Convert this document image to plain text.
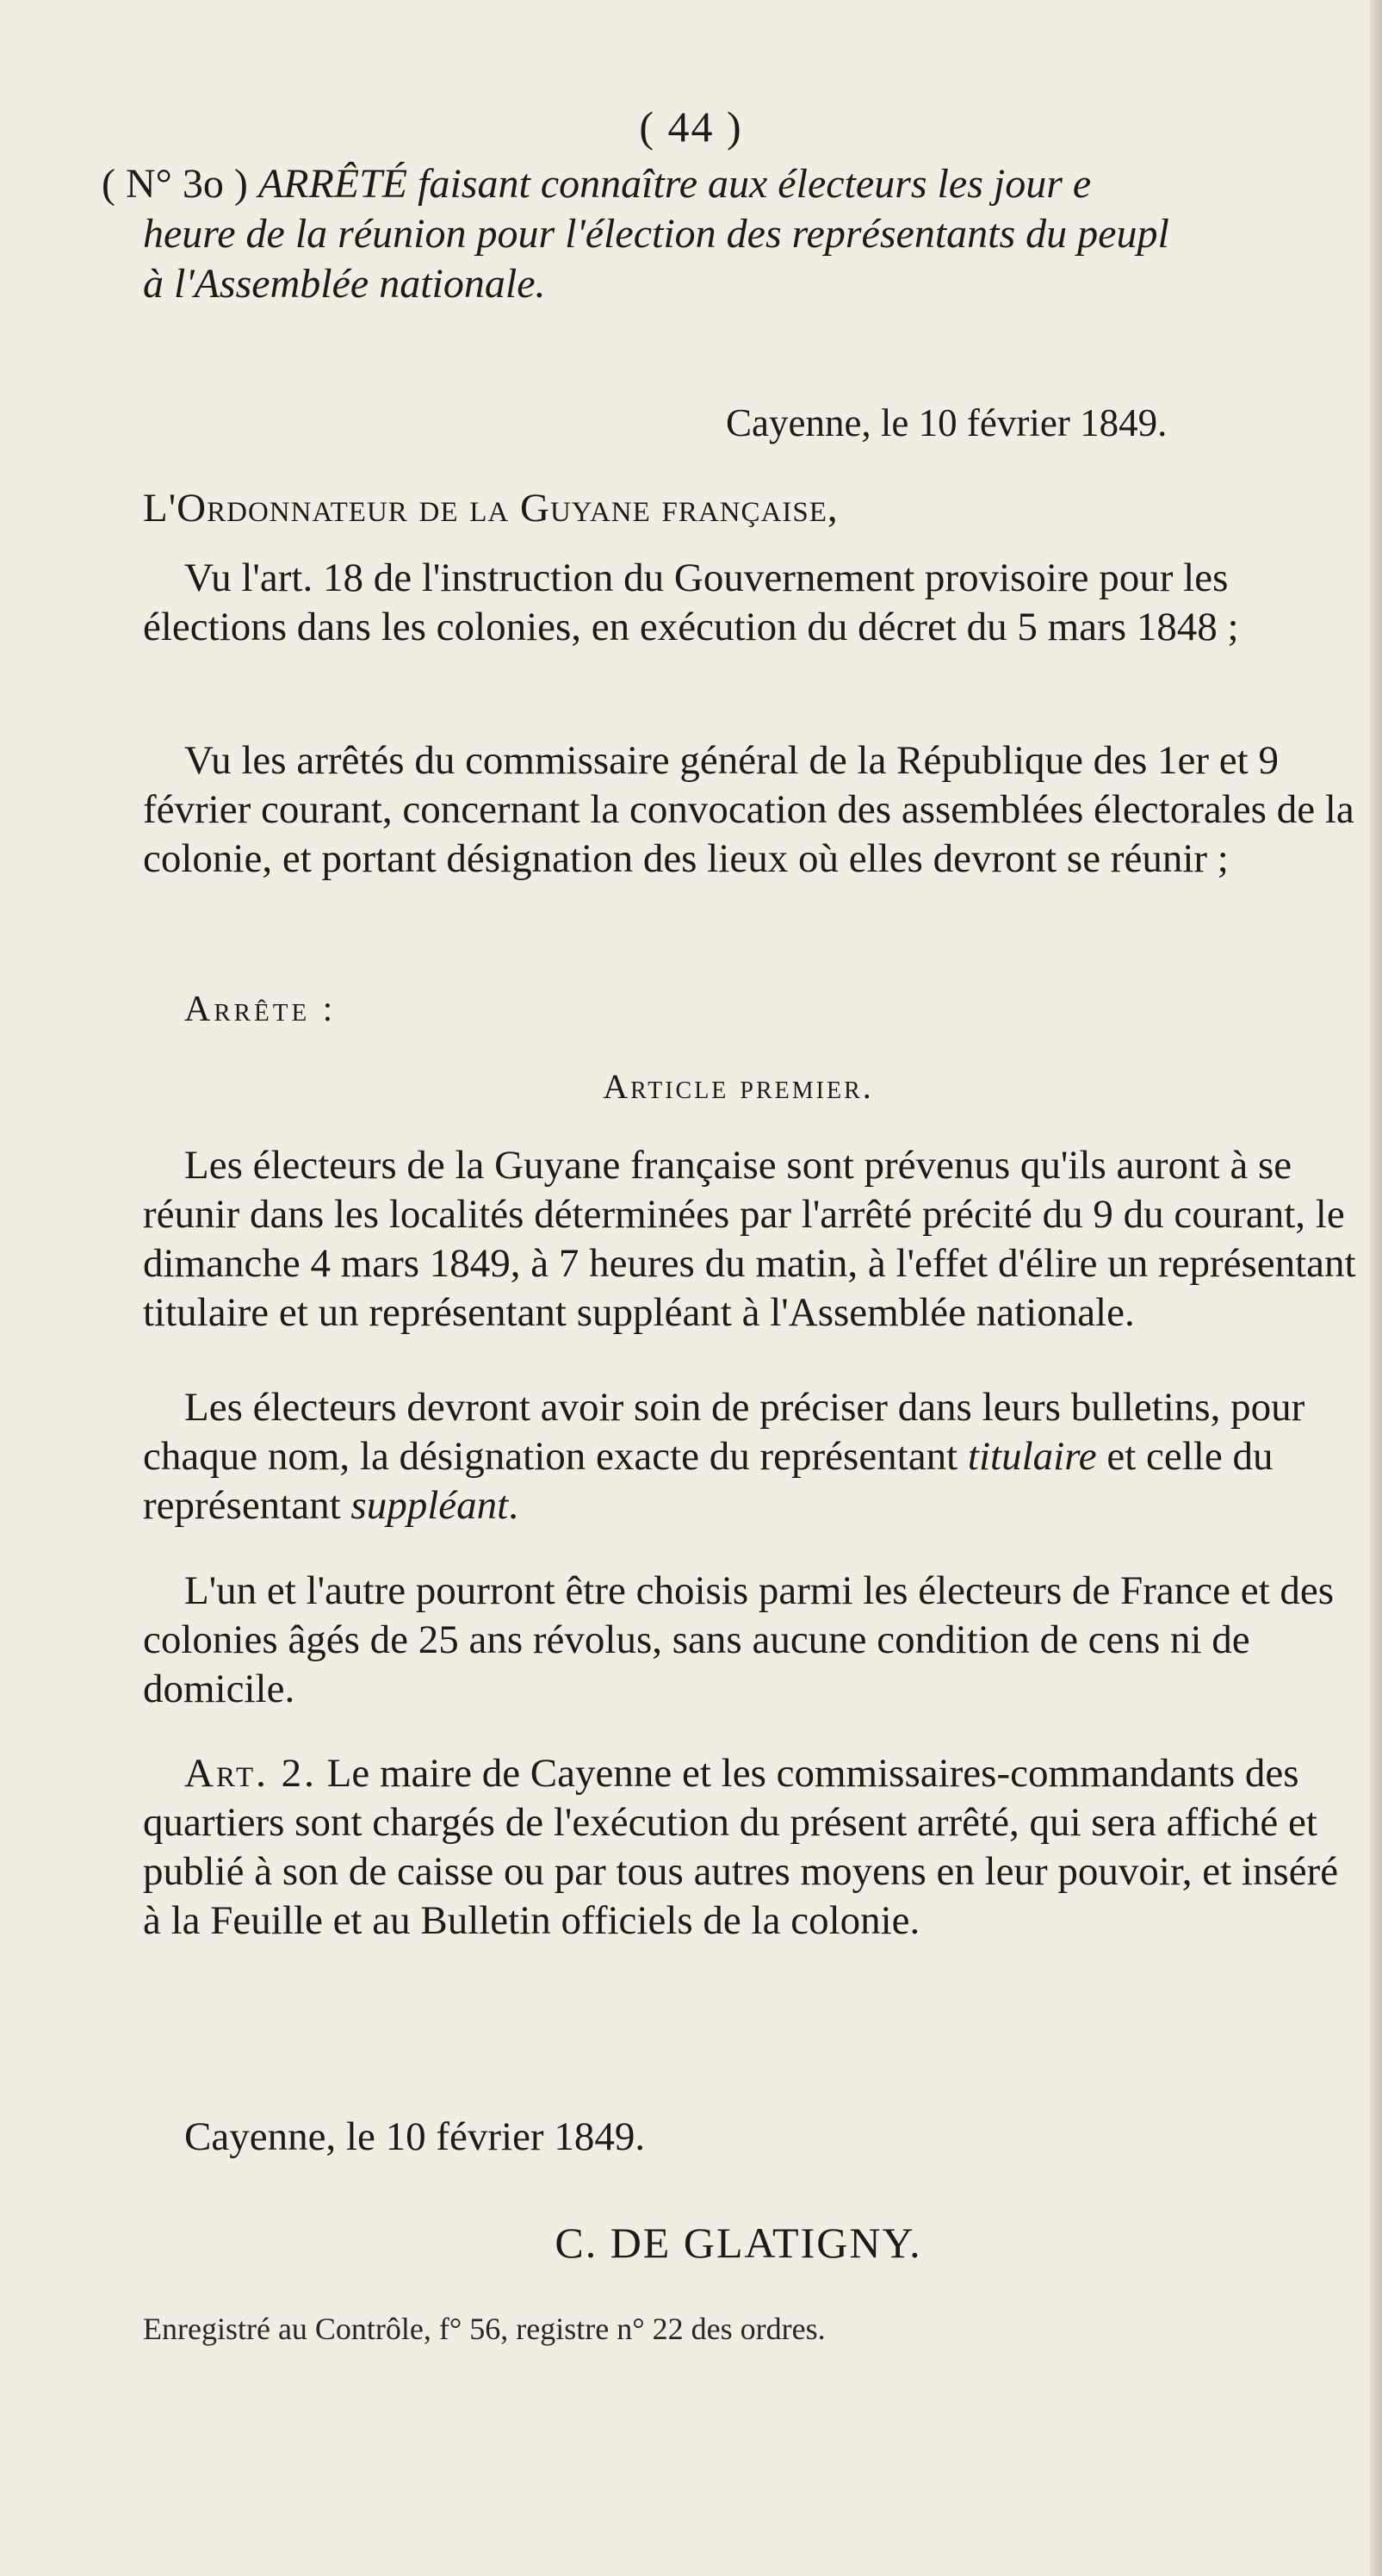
( 44 )
( N° 3o ) ARRÊTÉ faisant connaître aux électeurs les jour e
heure de la réunion pour l'élection des représentants du peupl
à l'Assemblée nationale.
Cayenne, le 10 février 1849.
L'Ordonnateur de la Guyane française,

Vu l'art. 18 de l'instruction du Gouvernement provisoire pour les élections dans les colonies, en exécution du décret du 5 mars 1848 ;

Vu les arrêtés du commissaire général de la République des 1er et 9 février courant, concernant la convocation des assemblées électorales de la colonie, et portant désignation des lieux où elles devront se réunir ;

Arrête :
Article premier.

Les électeurs de la Guyane française sont prévenus qu'ils auront à se réunir dans les localités déterminées par l'arrêté précité du 9 du courant, le dimanche 4 mars 1849, à 7 heures du matin, à l'effet d'élire un représentant titulaire et un représentant suppléant à l'Assemblée nationale.

Les électeurs devront avoir soin de préciser dans leurs bulletins, pour chaque nom, la désignation exacte du représentant titulaire et celle du représentant suppléant.

L'un et l'autre pourront être choisis parmi les électeurs de France et des colonies âgés de 25 ans révolus, sans aucune condition de cens ni de domicile.

Art. 2. Le maire de Cayenne et les commissaires-commandants des quartiers sont chargés de l'exécution du présent arrêté, qui sera affiché et publié à son de caisse ou par tous autres moyens en leur pouvoir, et inséré à la Feuille et au Bulletin officiels de la colonie.

Cayenne, le 10 février 1849.

C. DE GLATIGNY.
Enregistré au Contrôle, f° 56, registre n° 22 des ordres.
